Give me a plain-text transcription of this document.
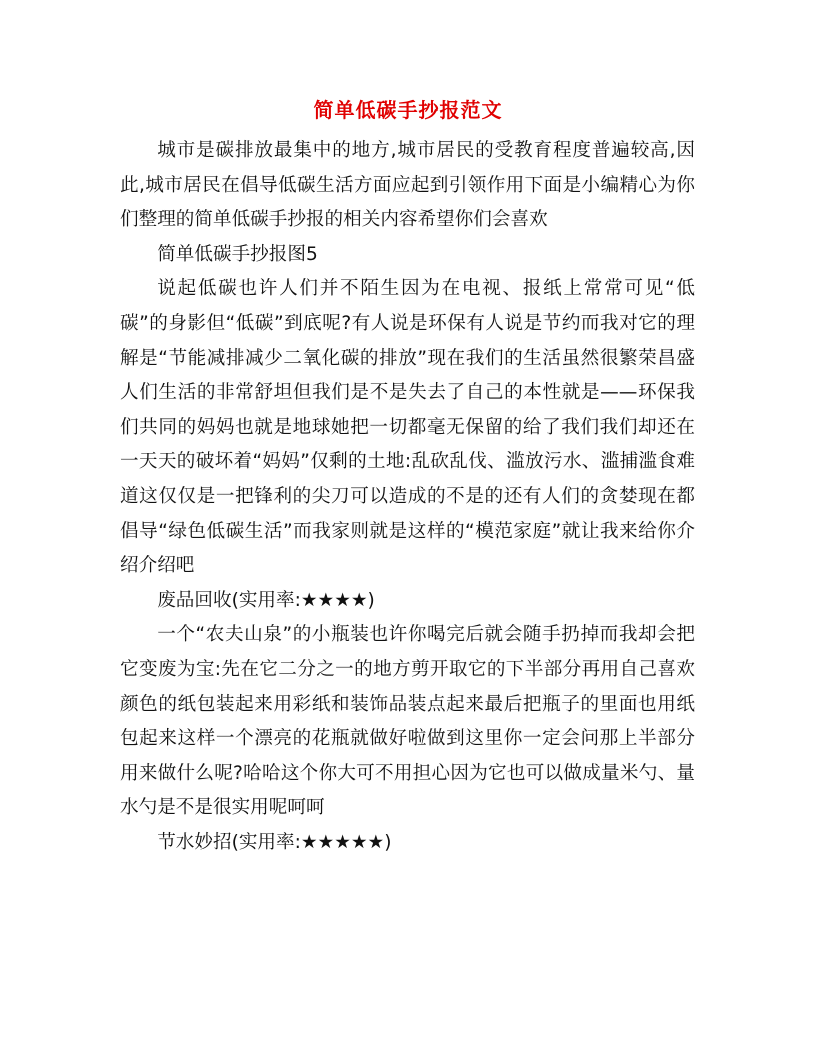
简单低碳手抄报范文

城市是碳排放最集中的地方,城市居民的受教育程度普遍较高,因此,城市居民在倡导低碳生活方面应起到引领作用下面是小编精心为你们整理的简单低碳手抄报的相关内容希望你们会喜欢

简单低碳手抄报图5

说起低碳也许人们并不陌生因为在电视、报纸上常常可见“低碳”的身影但“低碳”到底呢?有人说是环保有人说是节约而我对它的理解是“节能减排减少二氧化碳的排放”现在我们的生活虽然很繁荣昌盛人们生活的非常舒坦但我们是不是失去了自己的本性就是——环保我们共同的妈妈也就是地球她把一切都毫无保留的给了我们我们却还在一天天的破坏着“妈妈”仅剩的土地:乱砍乱伐、滥放污水、滥捕滥食难道这仅仅是一把锋利的尖刀可以造成的不是的还有人们的贪婪现在都倡导“绿色低碳生活”而我家则就是这样的“模范家庭”就让我来给你介绍介绍吧

废品回收(实用率:★★★★)

一个“农夫山泉”的小瓶装也许你喝完后就会随手扔掉而我却会把它变废为宝:先在它二分之一的地方剪开取它的下半部分再用自己喜欢颜色的纸包装起来用彩纸和装饰品装点起来最后把瓶子的里面也用纸包起来这样一个漂亮的花瓶就做好啦做到这里你一定会问那上半部分用来做什么呢?哈哈这个你大可不用担心因为它也可以做成量米勺、量水勺是不是很实用呢呵呵

节水妙招(实用率:★★★★★)
